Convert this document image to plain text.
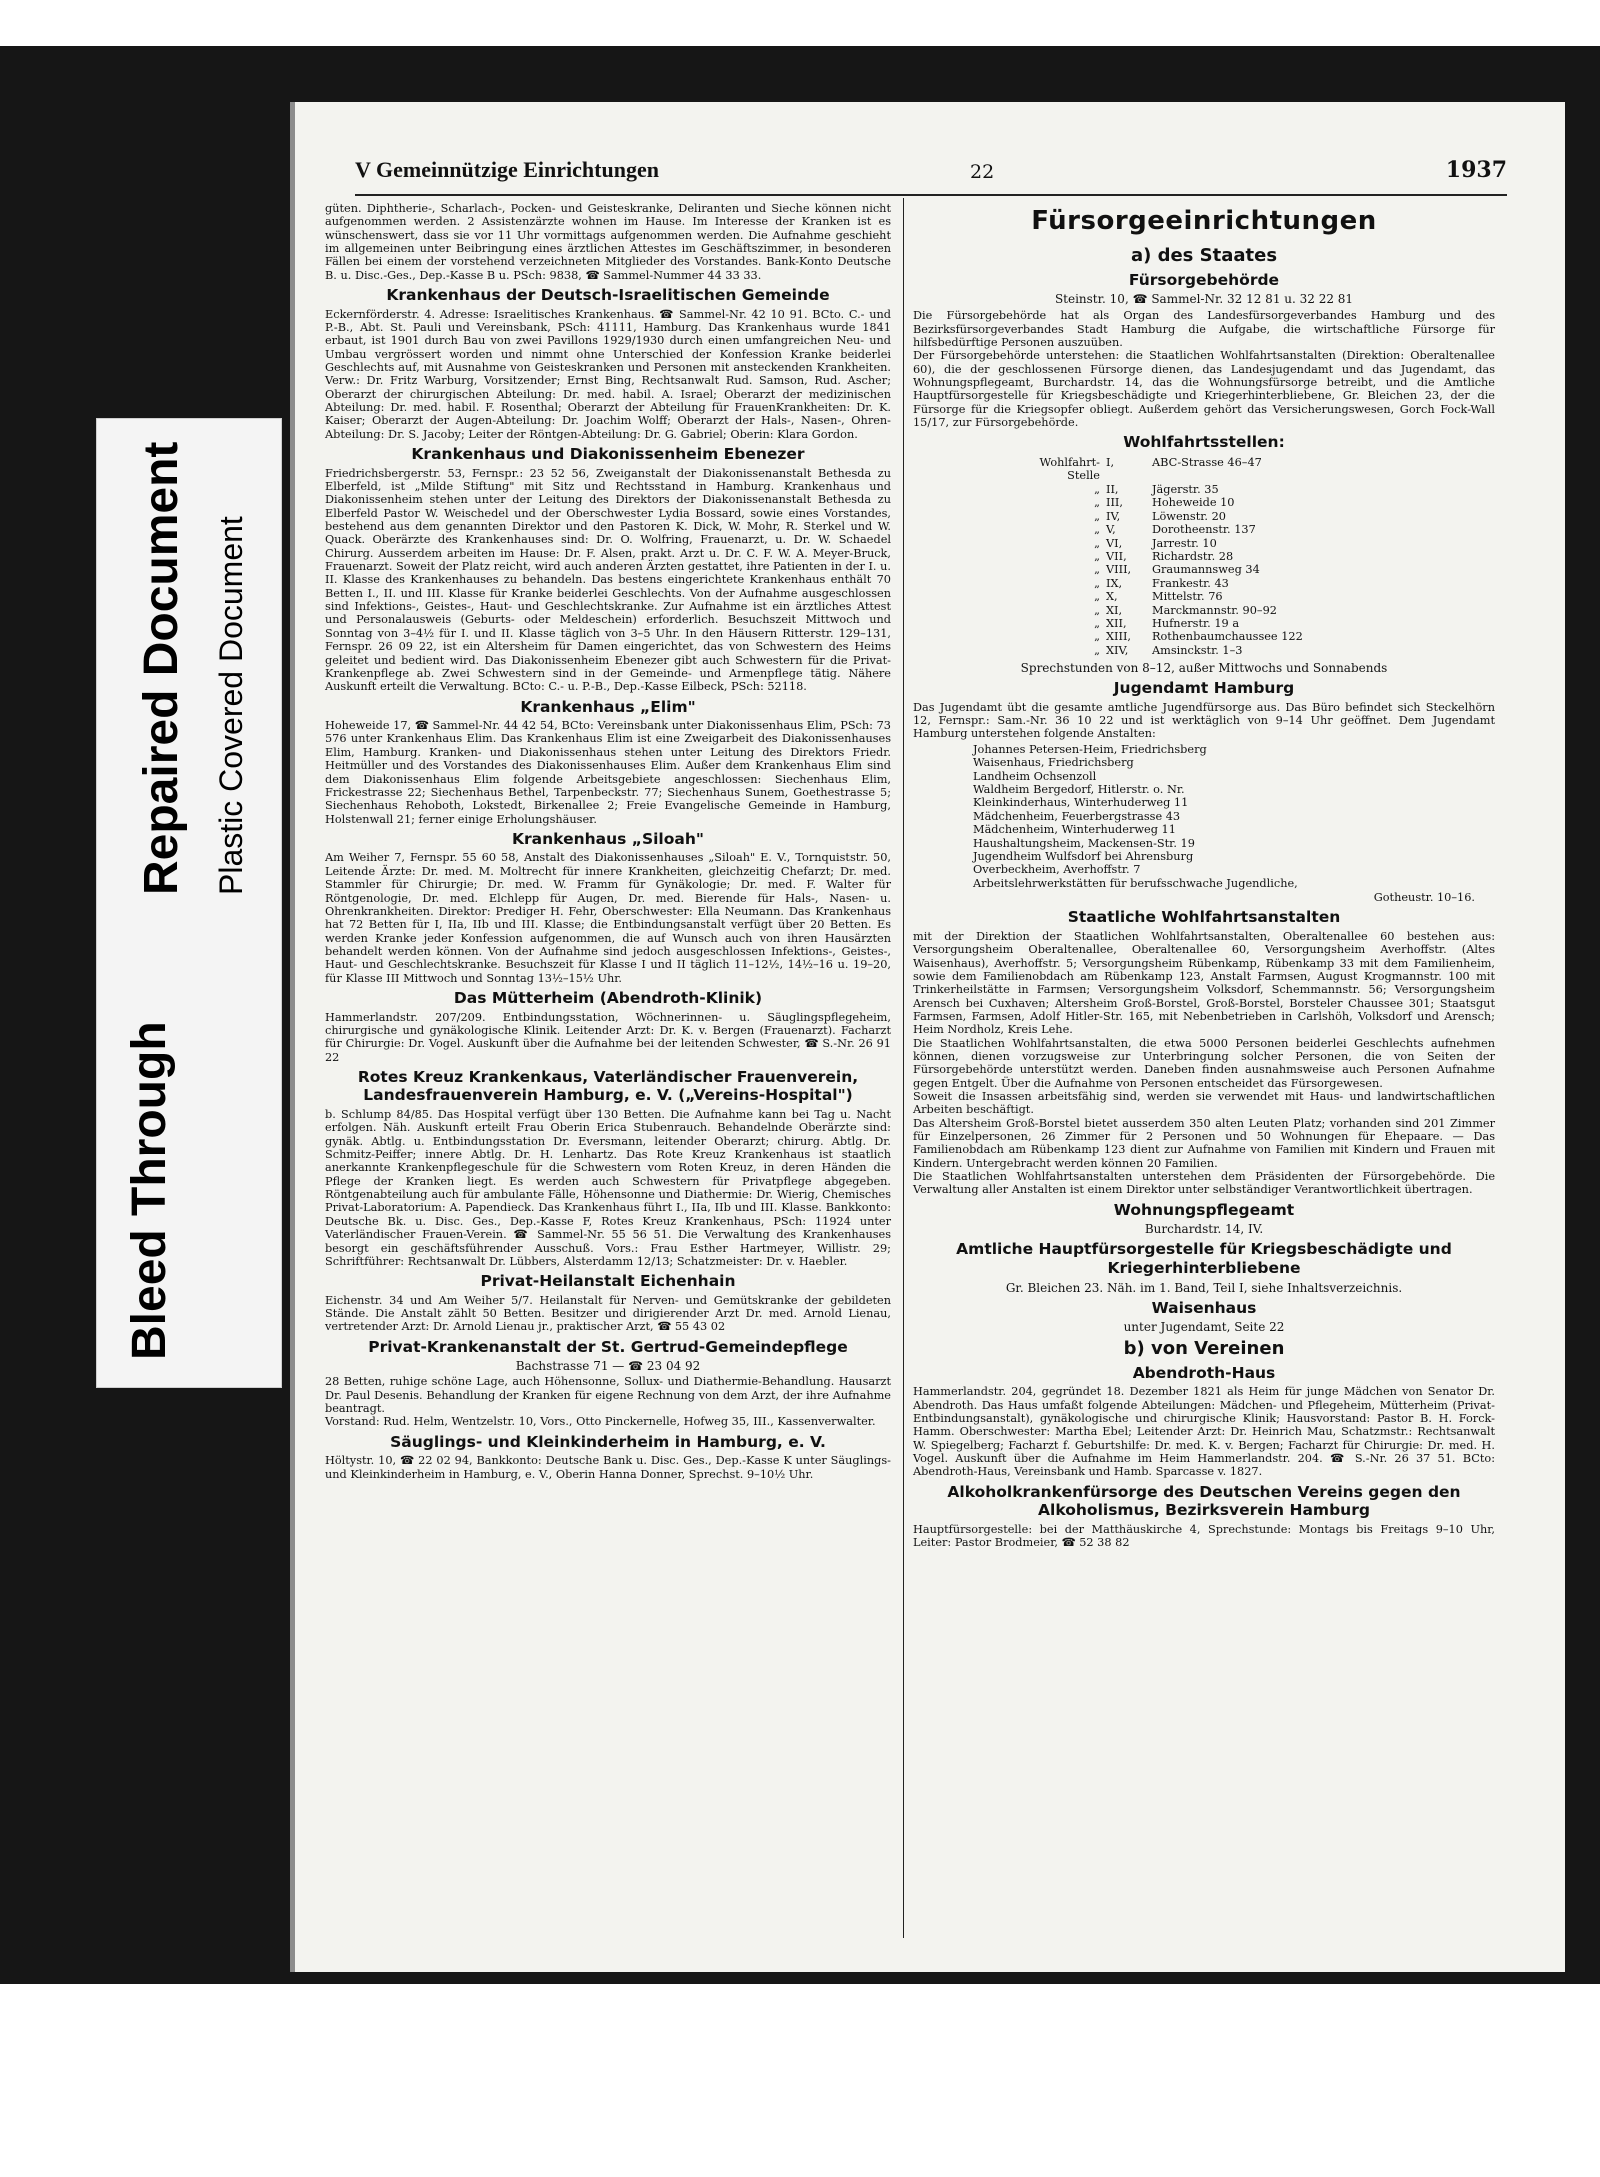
Bleed Through
Repaired Document Plastic Covered Document
V Gemeinnützige Einrichtungen	22	1937

güten. Diphtherie-, Scharlach-, Pocken- und Geisteskranke, Deliranten und Sieche können nicht aufgenommen werden. 2 Assistenzärzte wohnen im Hause. Im Interesse der Kranken ist es wünschenswert, dass sie vor 11 Uhr vormittags aufgenommen werden. Die Aufnahme geschieht im allgemeinen unter Beibringung eines ärztlichen Attestes im Geschäftszimmer, in besonderen Fällen bei einem der vorstehend verzeichneten Mitglieder des Vorstandes. Bank-Konto Deutsche B. u. Disc.-Ges., Dep.-Kasse B u. PSch: 9838, ☎ Sammel-Nummer 44 33 33.

Krankenhaus der Deutsch-Israelitischen Gemeinde

Eckernförderstr. 4. Adresse: Israelitisches Krankenhaus. ☎ Sammel-Nr. 42 10 91. BCto. C.- und P.-B., Abt. St. Pauli und Vereinsbank, PSch: 41111, Hamburg. Das Krankenhaus wurde 1841 erbaut, ist 1901 durch Bau von zwei Pavillons 1929/1930 durch einen umfangreichen Neu- und Umbau vergrössert worden und nimmt ohne Unterschied der Konfession Kranke beiderlei Geschlechts auf, mit Ausnahme von Geisteskranken und Personen mit ansteckenden Krankheiten. Verw.: Dr. Fritz Warburg, Vorsitzender; Ernst Bing, Rechtsanwalt Rud. Samson, Rud. Ascher; Oberarzt der chirurgischen Abteilung: Dr. med. habil. A. Israel; Oberarzt der medizinischen Abteilung: Dr. med. habil. F. Rosenthal; Oberarzt der Abteilung für FrauenKrankheiten: Dr. K. Kaiser; Oberarzt der Augen-Abteilung: Dr. Joachim Wolff; Oberarzt der Hals-, Nasen-, Ohren-Abteilung: Dr. S. Jacoby; Leiter der Röntgen-Abteilung: Dr. G. Gabriel; Oberin: Klara Gordon.

Krankenhaus und Diakonissenheim Ebenezer

Friedrichsbergerstr. 53, Fernspr.: 23 52 56, Zweiganstalt der Diakonissenanstalt Bethesda zu Elberfeld, ist „Milde Stiftung" mit Sitz und Rechtsstand in Hamburg. Krankenhaus und Diakonissenheim stehen unter der Leitung des Direktors der Diakonissenanstalt Bethesda zu Elberfeld Pastor W. Weischedel und der Oberschwester Lydia Bossard, sowie eines Vorstandes, bestehend aus dem genannten Direktor und den Pastoren K. Dick, W. Mohr, R. Sterkel und W. Quack. Oberärzte des Krankenhauses sind: Dr. O. Wolfring, Frauenarzt, u. Dr. W. Schaedel Chirurg. Ausserdem arbeiten im Hause: Dr. F. Alsen, prakt. Arzt u. Dr. C. F. W. A. Meyer-Bruck, Frauenarzt. Soweit der Platz reicht, wird auch anderen Ärzten gestattet, ihre Patienten in der I. u. II. Klasse des Krankenhauses zu behandeln. Das bestens eingerichtete Krankenhaus enthält 70 Betten I., II. und III. Klasse für Kranke beiderlei Geschlechts. Von der Aufnahme ausgeschlossen sind Infektions-, Geistes-, Haut- und Geschlechtskranke. Zur Aufnahme ist ein ärztliches Attest und Personalausweis (Geburts- oder Meldeschein) erforderlich. Besuchszeit Mittwoch und Sonntag von 3–4½ für I. und II. Klasse täglich von 3–5 Uhr. In den Häusern Ritterstr. 129–131, Fernspr. 26 09 22, ist ein Altersheim für Damen eingerichtet, das von Schwestern des Heims geleitet und bedient wird. Das Diakonissenheim Ebenezer gibt auch Schwestern für die Privat-Krankenpflege ab. Zwei Schwestern sind in der Gemeinde- und Armenpflege tätig. Nähere Auskunft erteilt die Verwaltung. BCto: C.- u. P.-B., Dep.-Kasse Eilbeck, PSch: 52118.

Krankenhaus „Elim"

Hoheweide 17, ☎ Sammel-Nr. 44 42 54, BCto: Vereinsbank unter Diakonissenhaus Elim, PSch: 73 576 unter Krankenhaus Elim. Das Krankenhaus Elim ist eine Zweigarbeit des Diakonissenhauses Elim, Hamburg. Kranken- und Diakonissenhaus stehen unter Leitung des Direktors Friedr. Heitmüller und des Vorstandes des Diakonissenhauses Elim. Außer dem Krankenhaus Elim sind dem Diakonissenhaus Elim folgende Arbeitsgebiete angeschlossen: Siechenhaus Elim, Frickestrasse 22; Siechenhaus Bethel, Tarpenbeckstr. 77; Siechenhaus Sunem, Goethestrasse 5; Siechenhaus Rehoboth, Lokstedt, Birkenallee 2; Freie Evangelische Gemeinde in Hamburg, Holstenwall 21; ferner einige Erholungshäuser.

Krankenhaus „Siloah"

Am Weiher 7, Fernspr. 55 60 58, Anstalt des Diakonissenhauses „Siloah" E. V., Tornquiststr. 50, Leitende Ärzte: Dr. med. M. Moltrecht für innere Krankheiten, gleichzeitig Chefarzt; Dr. med. Stammler für Chirurgie; Dr. med. W. Framm für Gynäkologie; Dr. med. F. Walter für Röntgenologie, Dr. med. Elchlepp für Augen, Dr. med. Bierende für Hals-, Nasen- u. Ohrenkrankheiten. Direktor: Prediger H. Fehr, Oberschwester: Ella Neumann. Das Krankenhaus hat 72 Betten für I, IIa, IIb und III. Klasse; die Entbindungsanstalt verfügt über 20 Betten. Es werden Kranke jeder Konfession aufgenommen, die auf Wunsch auch von ihren Hausärzten behandelt werden können. Von der Aufnahme sind jedoch ausgeschlossen Infektions-, Geistes-, Haut- und Geschlechtskranke. Besuchszeit für Klasse I und II täglich 11–12½, 14½–16 u. 19–20, für Klasse III Mittwoch und Sonntag 13½–15½ Uhr.

Das Mütterheim (Abendroth-Klinik)

Hammerlandstr. 207/209. Entbindungsstation, Wöchnerinnen- u. Säuglingspflegeheim, chirurgische und gynäkologische Klinik. Leitender Arzt: Dr. K. v. Bergen (Frauenarzt). Facharzt für Chirurgie: Dr. Vogel. Auskunft über die Aufnahme bei der leitenden Schwester, ☎ S.-Nr. 26 91 22

Rotes Kreuz Krankenkaus, Vaterländischer Frauenverein, Landesfrauenverein Hamburg, e. V. („Vereins-Hospital")

b. Schlump 84/85. Das Hospital verfügt über 130 Betten. Die Aufnahme kann bei Tag u. Nacht erfolgen. Näh. Auskunft erteilt Frau Oberin Erica Stubenrauch. Behandelnde Oberärzte sind: gynäk. Abtlg. u. Entbindungsstation Dr. Eversmann, leitender Oberarzt; chirurg. Abtlg. Dr. Schmitz-Peiffer; innere Abtlg. Dr. H. Lenhartz. Das Rote Kreuz Krankenhaus ist staatlich anerkannte Krankenpflegeschule für die Schwestern vom Roten Kreuz, in deren Händen die Pflege der Kranken liegt. Es werden auch Schwestern für Privatpflege abgegeben. Röntgenabteilung auch für ambulante Fälle, Höhensonne und Diathermie: Dr. Wierig, Chemisches Privat-Laboratorium: A. Papendieck. Das Krankenhaus führt I., IIa, IIb und III. Klasse. Bankkonto: Deutsche Bk. u. Disc. Ges., Dep.-Kasse F, Rotes Kreuz Krankenhaus, PSch: 11924 unter Vaterländischer Frauen-Verein. ☎ Sammel-Nr. 55 56 51. Die Verwaltung des Krankenhauses besorgt ein geschäftsführender Ausschuß. Vors.: Frau Esther Hartmeyer, Willistr. 29; Schriftführer: Rechtsanwalt Dr. Lübbers, Alsterdamm 12/13; Schatzmeister: Dr. v. Haebler.

Privat-Heilanstalt Eichenhain

Eichenstr. 34 und Am Weiher 5/7. Heilanstalt für Nerven- und Gemütskranke der gebildeten Stände. Die Anstalt zählt 50 Betten. Besitzer und dirigierender Arzt Dr. med. Arnold Lienau, vertretender Arzt: Dr. Arnold Lienau jr., praktischer Arzt, ☎ 55 43 02

Privat-Krankenanstalt der St. Gertrud-Gemeindepflege
Bachstrasse 71 — ☎ 23 04 92

28 Betten, ruhige schöne Lage, auch Höhensonne, Sollux- und Diathermie-Behandlung. Hausarzt Dr. Paul Desenis. Behandlung der Kranken für eigene Rechnung von dem Arzt, der ihre Aufnahme beantragt.

Vorstand: Rud. Helm, Wentzelstr. 10, Vors., Otto Pinckernelle, Hofweg 35, III., Kassenverwalter.

Säuglings- und Kleinkinderheim in Hamburg, e. V.

Höltystr. 10, ☎ 22 02 94, Bankkonto: Deutsche Bank u. Disc. Ges., Dep.-Kasse K unter Säuglings- und Kleinkinderheim in Hamburg, e. V., Oberin Hanna Donner, Sprechst. 9–10½ Uhr.

Fürsorgeeinrichtungen
a) des Staates
Fürsorgebehörde
Steinstr. 10, ☎ Sammel-Nr. 32 12 81 u. 32 22 81

Die Fürsorgebehörde hat als Organ des Landesfürsorgeverbandes Hamburg und des Bezirksfürsorgeverbandes Stadt Hamburg die Aufgabe, die wirtschaftliche Fürsorge für hilfsbedürftige Personen auszuüben.

Der Fürsorgebehörde unterstehen: die Staatlichen Wohlfahrtsanstalten (Direktion: Oberaltenallee 60), die der geschlossenen Fürsorge dienen, das Landesjugendamt und das Jugendamt, das Wohnungspflegeamt, Burchardstr. 14, das die Wohnungsfürsorge betreibt, und die Amtliche Hauptfürsorgestelle für Kriegsbeschädigte und Kriegerhinterbliebene, Gr. Bleichen 23, der die Fürsorge für die Kriegsopfer obliegt. Außerdem gehört das Versicherungswesen, Gorch Fock-Wall 15/17, zur Fürsorgebehörde.

Wohlfahrtsstellen:
Wohlfahrt-Stelle
I,	ABC-Strasse 46–47
„ II,	Jägerstr. 35
„ III,	Hoheweide 10
„ IV,	Löwenstr. 20
„ V,	Dorotheenstr. 137
„ VI,	Jarrestr. 10
„ VII,	Richardstr. 28
„ VIII,	Graumannsweg 34
„ IX,	Frankestr. 43
„ X,	Mittelstr. 76
„ XI,	Marckmannstr. 90–92
„ XII,	Hufnerstr. 19 a
„ XIII,	Rothenbaumchaussee 122
„ XIV,	Amsinckstr. 1–3
Sprechstunden von 8–12, außer Mittwochs und Sonnabends
Jugendamt Hamburg

Das Jugendamt übt die gesamte amtliche Jugendfürsorge aus. Das Büro befindet sich Steckelhörn 12, Fernspr.: Sam.-Nr. 36 10 22 und ist werktäglich von 9–14 Uhr geöffnet. Dem Jugendamt Hamburg unterstehen folgende Anstalten:

Johannes Petersen-Heim, Friedrichsberg
Waisenhaus, Friedrichsberg
Landheim Ochsenzoll
Waldheim Bergedorf, Hitlerstr. o. Nr.
Kleinkinderhaus, Winterhuderweg 11
Mädchenheim, Feuerbergstrasse 43
Mädchenheim, Winterhuderweg 11
Haushaltungsheim, Mackensen-Str. 19
Jugendheim Wulfsdorf bei Ahrensburg
Overbeckheim, Averhoffstr. 7
Arbeitslehrwerkstätten für berufsschwache Jugendliche,
Gotheustr. 10–16.
Staatliche Wohlfahrtsanstalten

mit der Direktion der Staatlichen Wohlfahrtsanstalten, Oberaltenallee 60 bestehen aus: Versorgungsheim Oberaltenallee, Oberaltenallee 60, Versorgungsheim Averhoffstr. (Altes Waisenhaus), Averhoffstr. 5; Versorgungsheim Rübenkamp, Rübenkamp 33 mit dem Familienheim, sowie dem Familienobdach am Rübenkamp 123, Anstalt Farmsen, August Krogmannstr. 100 mit Trinkerheilstätte in Farmsen; Versorgungsheim Volksdorf, Schemmannstr. 56; Versorgungsheim Arensch bei Cuxhaven; Altersheim Groß-Borstel, Groß-Borstel, Borsteler Chaussee 301; Staatsgut Farmsen, Farmsen, Adolf Hitler-Str. 165, mit Nebenbetrieben in Carlshöh, Volksdorf und Arensch; Heim Nordholz, Kreis Lehe.

Die Staatlichen Wohlfahrtsanstalten, die etwa 5000 Personen beiderlei Geschlechts aufnehmen können, dienen vorzugsweise zur Unterbringung solcher Personen, die von Seiten der Fürsorgebehörde unterstützt werden. Daneben finden ausnahmsweise auch Personen Aufnahme gegen Entgelt. Über die Aufnahme von Personen entscheidet das Fürsorgewesen.

Soweit die Insassen arbeitsfähig sind, werden sie verwendet mit Haus- und landwirtschaftlichen Arbeiten beschäftigt.

Das Altersheim Groß-Borstel bietet ausserdem 350 alten Leuten Platz; vorhanden sind 201 Zimmer für Einzelpersonen, 26 Zimmer für 2 Personen und 50 Wohnungen für Ehepaare. — Das Familienobdach am Rübenkamp 123 dient zur Aufnahme von Familien mit Kindern und Frauen mit Kindern. Untergebracht werden können 20 Familien.

Die Staatlichen Wohlfahrtsanstalten unterstehen dem Präsidenten der Fürsorgebehörde. Die Verwaltung aller Anstalten ist einem Direktor unter selbständiger Verantwortlichkeit übertragen.

Wohnungspflegeamt
Burchardstr. 14, IV.
Amtliche Hauptfürsorgestelle für Kriegsbeschädigte und Kriegerhinterbliebene
Gr. Bleichen 23. Näh. im 1. Band, Teil I, siehe Inhaltsverzeichnis.
Waisenhaus
unter Jugendamt, Seite 22
b) von Vereinen
Abendroth-Haus

Hammerlandstr. 204, gegründet 18. Dezember 1821 als Heim für junge Mädchen von Senator Dr. Abendroth. Das Haus umfaßt folgende Abteilungen: Mädchen- und Pflegeheim, Mütterheim (Privat-Entbindungsanstalt), gynäkologische und chirurgische Klinik; Hausvorstand: Pastor B. H. Forck-Hamm. Oberschwester: Martha Ebel; Leitender Arzt: Dr. Heinrich Mau, Schatzmstr.: Rechtsanwalt W. Spiegelberg; Facharzt f. Geburtshilfe: Dr. med. K. v. Bergen; Facharzt für Chirurgie: Dr. med. H. Vogel. Auskunft über die Aufnahme im Heim Hammerlandstr. 204. ☎ S.-Nr. 26 37 51. BCto: Abendroth-Haus, Vereinsbank und Hamb. Sparcasse v. 1827.

Alkoholkrankenfürsorge des Deutschen Vereins gegen den Alkoholismus, Bezirksverein Hamburg

Hauptfürsorgestelle: bei der Matthäuskirche 4, Sprechstunde: Montags bis Freitags 9–10 Uhr, Leiter: Pastor Brodmeier, ☎ 52 38 82
